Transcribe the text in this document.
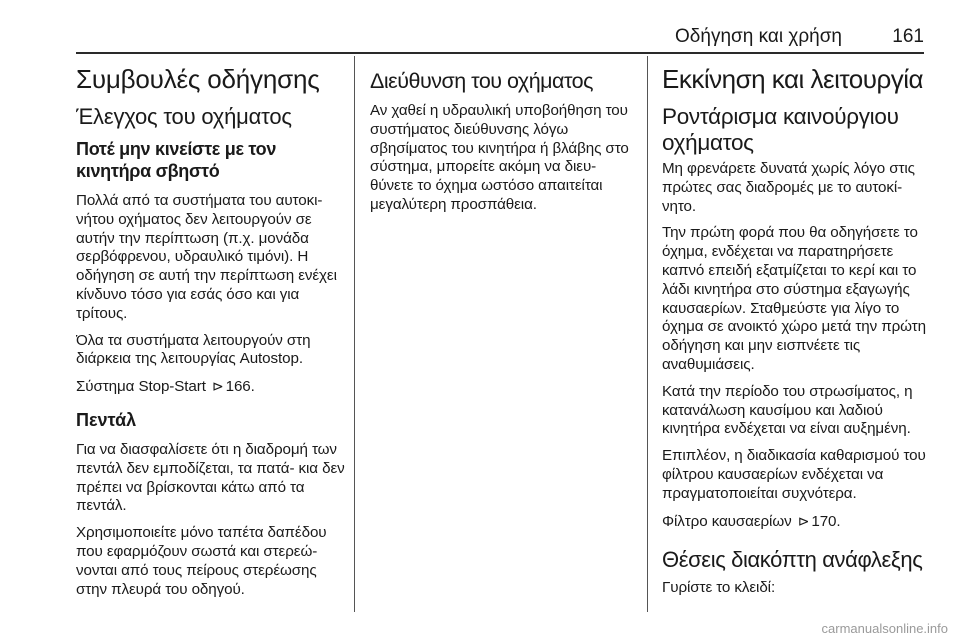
Οδήγηση και χρήση	161
Συμβουλές οδήγησης
Έλεγχος του οχήματος
Ποτέ μην κινείστε με τον κινητήρα σβηστό

Πολλά από τα συστήματα του αυτοκι- νήτου οχήματος δεν λειτουργούν σε αυτήν την περίπτωση (π.χ. μονάδα σερβόφρενου, υδραυλικό τιμόνι). Η οδήγηση σε αυτή την περίπτωση ενέχει κίνδυνο τόσο για εσάς όσο και για τρίτους.

Όλα τα συστήματα λειτουργούν στη διάρκεια της λειτουργίας Autostop.

Σύστημα Stop-Start ⊳ 166.

Πεντάλ

Για να διασφαλίσετε ότι η διαδρομή των πεντάλ δεν εμποδίζεται, τα πατά- κια δεν πρέπει να βρίσκονται κάτω από τα πεντάλ.

Χρησιμοποιείτε μόνο ταπέτα δαπέδου που εφαρμόζουν σωστά και στερεώ- νονται από τους πείρους στερέωσης στην πλευρά του οδηγού.

Διεύθυνση του οχήματος

Αν χαθεί η υδραυλική υποβοήθηση του συστήματος διεύθυνσης λόγω σβησίματος του κινητήρα ή βλάβης στο σύστημα, μπορείτε ακόμη να διευ- θύνετε το όχημα ωστόσο απαιτείται μεγαλύτερη προσπάθεια.

Εκκίνηση και λειτουργία
Ροντάρισμα καινούργιου οχήματος

Μη φρενάρετε δυνατά χωρίς λόγο στις πρώτες σας διαδρομές με το αυτοκί- νητο.

Την πρώτη φορά που θα οδηγήσετε το όχημα, ενδέχεται να παρατηρήσετε καπνό επειδή εξατμίζεται το κερί και το λάδι κινητήρα στο σύστημα εξαγωγής καυσαερίων. Σταθμεύστε για λίγο το όχημα σε ανοικτό χώρο μετά την πρώτη οδήγηση και μην εισπνέετε τις αναθυμιάσεις.

Κατά την περίοδο του στρωσίματος, η κατανάλωση καυσίμου και λαδιού κινητήρα ενδέχεται να είναι αυξημένη.

Επιπλέον, η διαδικασία καθαρισμού του φίλτρου καυσαερίων ενδέχεται να πραγματοποιείται συχνότερα.

Φίλτρο καυσαερίων ⊳ 170.

Θέσεις διακόπτη ανάφλεξης

Γυρίστε το κλειδί:

carmanualsonline.info
